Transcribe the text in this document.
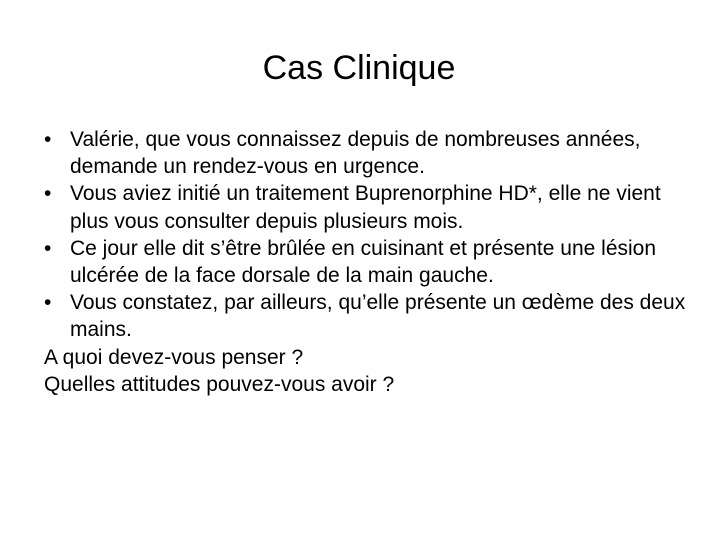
Cas Clinique
• Valérie, que vous connaissez depuis de nombreuses années, demande un rendez-vous en urgence.
• Vous aviez initié un traitement Buprenorphine HD*, elle ne vient plus vous consulter depuis plusieurs mois.
• Ce jour elle dit s’être brûlée en cuisinant et présente une lésion ulcérée de la face dorsale de la main gauche.
• Vous constatez, par ailleurs, qu’elle présente un œdème des deux mains.

A quoi devez-vous penser ?

Quelles attitudes pouvez-vous avoir ?
